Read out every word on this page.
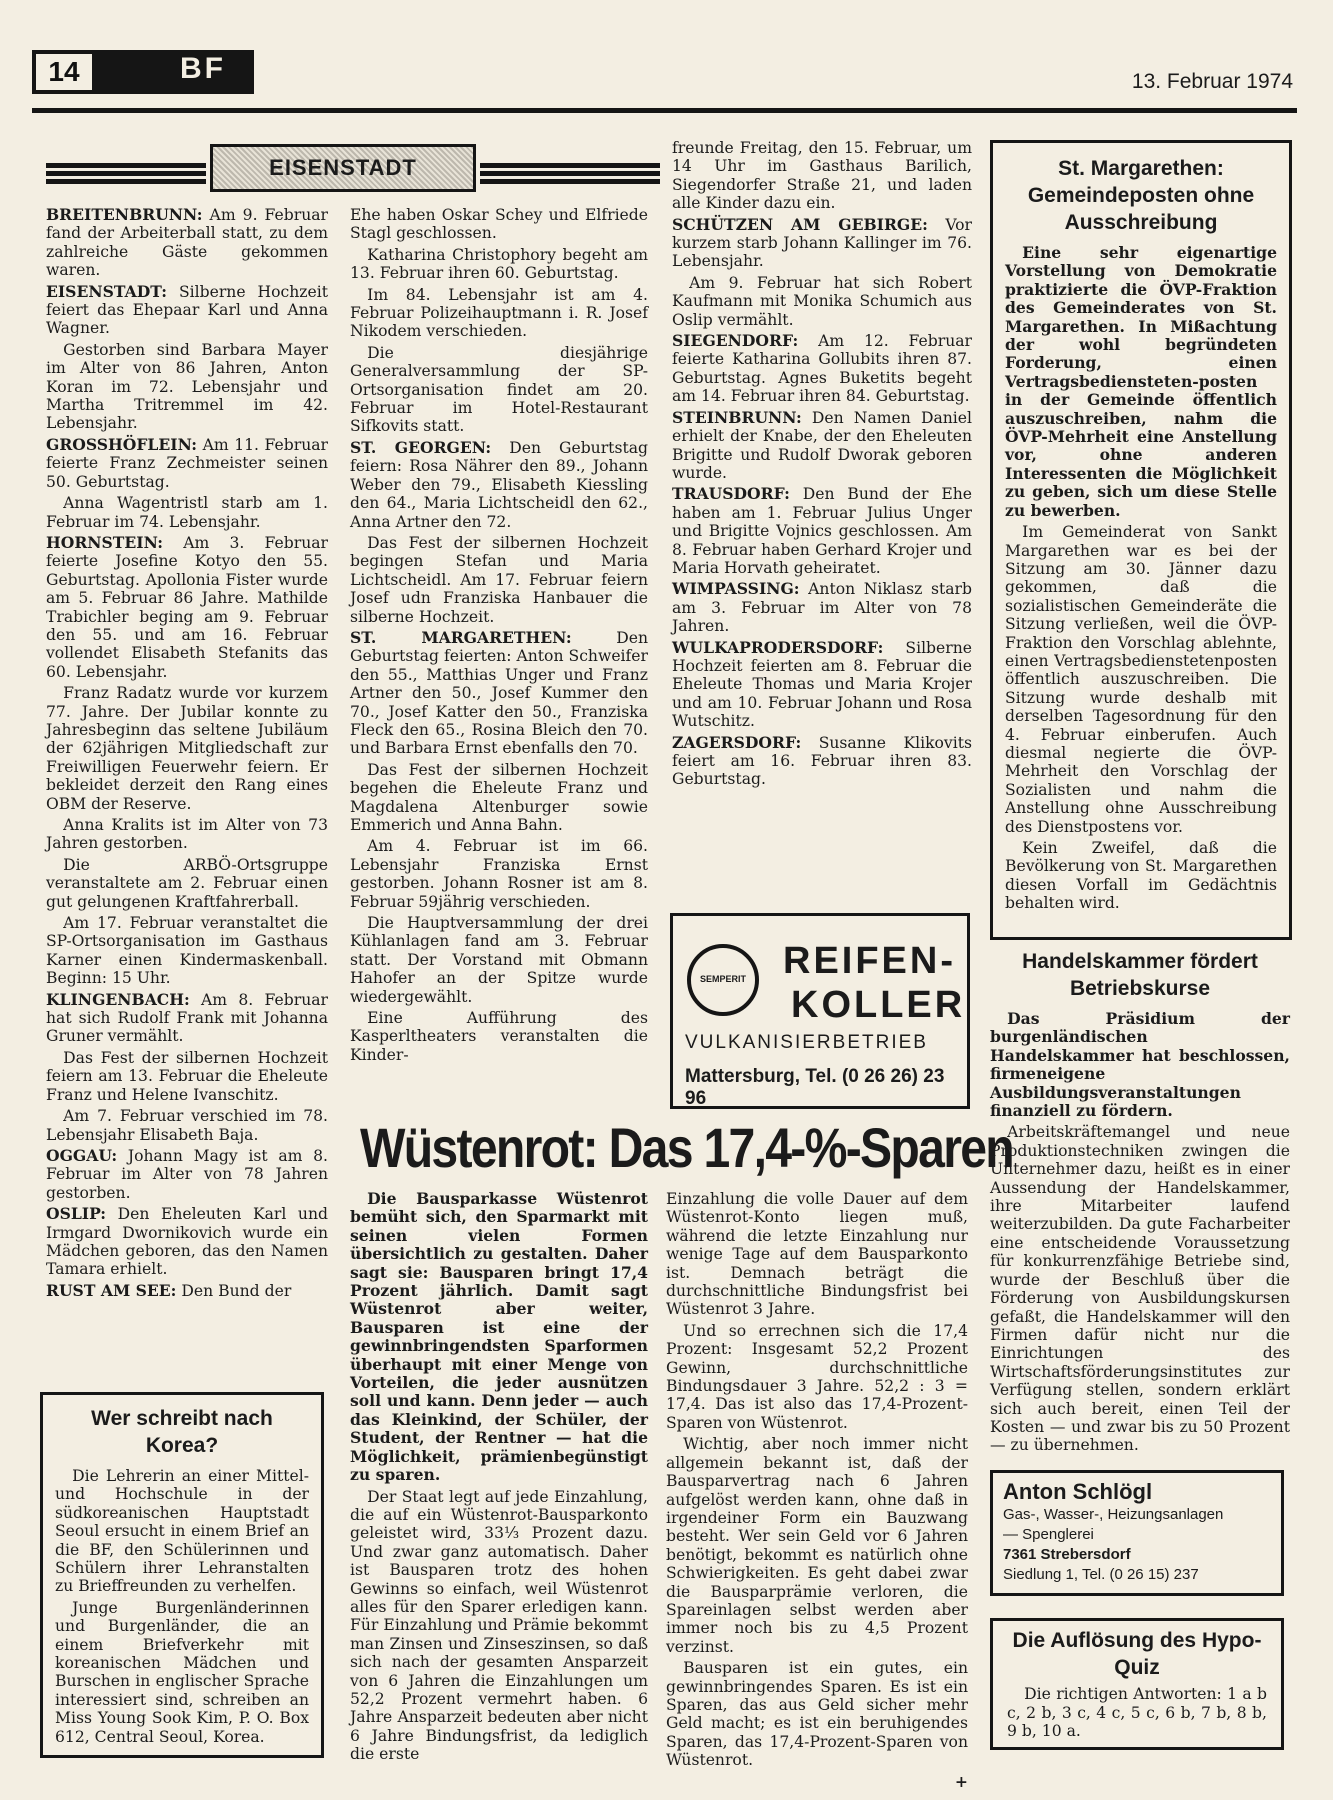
14	BF	13. Februar 1974
EISENSTADT

BREITENBRUNN: Am 9. Februar fand der Arbeiterball statt, zu dem zahlreiche Gäste gekommen waren.

EISENSTADT: Silberne Hochzeit feiert das Ehepaar Karl und Anna Wagner.

Gestorben sind Barbara Mayer im Alter von 86 Jahren, Anton Koran im 72. Lebensjahr und Martha Tritremmel im 42. Lebensjahr.

GROSSHÖFLEIN: Am 11. Februar feierte Franz Zechmeister seinen 50. Geburtstag.

Anna Wagentristl starb am 1. Februar im 74. Lebensjahr.

HORNSTEIN: Am 3. Februar feierte Josefine Kotyo den 55. Geburtstag. Apollonia Fister wurde am 5. Februar 86 Jahre. Mathilde Trabichler beging am 9. Februar den 55. und am 16. Februar vollendet Elisabeth Stefanits das 60. Lebensjahr.

Franz Radatz wurde vor kurzem 77. Jahre. Der Jubilar konnte zu Jahresbeginn das seltene Jubiläum der 62jährigen Mitgliedschaft zur Freiwilligen Feuerwehr feiern. Er bekleidet derzeit den Rang eines OBM der Reserve.

Anna Kralits ist im Alter von 73 Jahren gestorben.

Die ARBÖ-Ortsgruppe veranstaltete am 2. Februar einen gut gelungenen Kraftfahrerball.

Am 17. Februar veranstaltet die SP-Ortsorganisation im Gasthaus Karner einen Kindermaskenball. Beginn: 15 Uhr.

KLINGENBACH: Am 8. Februar hat sich Rudolf Frank mit Johanna Gruner vermählt.

Das Fest der silbernen Hochzeit feiern am 13. Februar die Eheleute Franz und Helene Ivanschitz.

Am 7. Februar verschied im 78. Lebensjahr Elisabeth Baja.

OGGAU: Johann Magy ist am 8. Februar im Alter von 78 Jahren gestorben.

OSLIP: Den Eheleuten Karl und Irmgard Dwornikovich wurde ein Mädchen geboren, das den Namen Tamara erhielt.

RUST AM SEE: Den Bund der

Ehe haben Oskar Schey und Elfriede Stagl geschlossen.

Katharina Christophory begeht am 13. Februar ihren 60. Geburtstag.

Im 84. Lebensjahr ist am 4. Februar Polizeihauptmann i. R. Josef Nikodem verschieden.

Die diesjährige Generalversammlung der SP-Ortsorganisation findet am 20. Februar im Hotel-Restaurant Sifkovits statt.

ST. GEORGEN: Den Geburtstag feiern: Rosa Nährer den 89., Johann Weber den 79., Elisabeth Kiessling den 64., Maria Lichtscheidl den 62., Anna Artner den 72.

Das Fest der silbernen Hochzeit begingen Stefan und Maria Lichtscheidl. Am 17. Februar feiern Josef udn Franziska Hanbauer die silberne Hochzeit.

ST. MARGARETHEN: Den Geburtstag feierten: Anton Schweifer den 55., Matthias Unger und Franz Artner den 50., Josef Kummer den 70., Josef Katter den 50., Franziska Fleck den 65., Rosina Bleich den 70. und Barbara Ernst ebenfalls den 70.

Das Fest der silbernen Hochzeit begehen die Eheleute Franz und Magdalena Altenburger sowie Emmerich und Anna Bahn.

Am 4. Februar ist im 66. Lebensjahr Franziska Ernst gestorben. Johann Rosner ist am 8. Februar 59jährig verschieden.

Die Hauptversammlung der drei Kühlanlagen fand am 3. Februar statt. Der Vorstand mit Obmann Hahofer an der Spitze wurde wiedergewählt.

Eine Aufführung des Kasperltheaters veranstalten die Kinder-

freunde Freitag, den 15. Februar, um 14 Uhr im Gasthaus Barilich, Siegendorfer Straße 21, und laden alle Kinder dazu ein.

SCHÜTZEN AM GEBIRGE: Vor kurzem starb Johann Kallinger im 76. Lebensjahr.

Am 9. Februar hat sich Robert Kaufmann mit Monika Schumich aus Oslip vermählt.

SIEGENDORF: Am 12. Februar feierte Katharina Gollubits ihren 87. Geburtstag. Agnes Buketits begeht am 14. Februar ihren 84. Geburtstag.

STEINBRUNN: Den Namen Daniel erhielt der Knabe, der den Eheleuten Brigitte und Rudolf Dworak geboren wurde.

TRAUSDORF: Den Bund der Ehe haben am 1. Februar Julius Unger und Brigitte Vojnics geschlossen. Am 8. Februar haben Gerhard Krojer und Maria Horvath geheiratet.

WIMPASSING: Anton Niklasz starb am 3. Februar im Alter von 78 Jahren.

WULKAPRODERSDORF: Silberne Hochzeit feierten am 8. Februar die Eheleute Thomas und Maria Krojer und am 10. Februar Johann und Rosa Wutschitz.

ZAGERSDORF: Susanne Klikovits feiert am 16. Februar ihren 83. Geburtstag.

Wer schreibt nach Korea?

Die Lehrerin an einer Mittel- und Hochschule in der südkoreanischen Hauptstadt Seoul ersucht in einem Brief an die BF, den Schülerinnen und Schülern ihrer Lehranstalten zu Brieffreunden zu verhelfen.

Junge Burgenländerinnen und Burgenländer, die an einem Briefverkehr mit koreanischen Mädchen und Burschen in englischer Sprache interessiert sind, schreiben an Miss Young Sook Kim, P. O. Box 612, Central Seoul, Korea.

St. Margarethen: Gemeindeposten ohne Ausschreibung

Eine sehr eigenartige Vorstellung von Demokratie praktizierte die ÖVP-Fraktion des Gemeinderates von St. Margarethen. In Mißachtung der wohl begründeten Forderung, einen Vertragsbediensteten-posten in der Gemeinde öffentlich auszuschreiben, nahm die ÖVP-Mehrheit eine Anstellung vor, ohne anderen Interessenten die Möglichkeit zu geben, sich um diese Stelle zu bewerben.

Im Gemeinderat von Sankt Margarethen war es bei der Sitzung am 30. Jänner dazu gekommen, daß die sozialistischen Gemeinderäte die Sitzung verließen, weil die ÖVP-Fraktion den Vorschlag ablehnte, einen Vertragsbedienstetenposten öffentlich auszuschreiben. Die Sitzung wurde deshalb mit derselben Tagesordnung für den 4. Februar einberufen. Auch diesmal negierte die ÖVP-Mehrheit den Vorschlag der Sozialisten und nahm die Anstellung ohne Ausschreibung des Dienstpostens vor.

Kein Zweifel, daß die Bevölkerung von St. Margarethen diesen Vorfall im Gedächtnis behalten wird.

Handelskammer fördert Betriebskurse

Das Präsidium der burgenländischen Handelskammer hat beschlossen, firmeneigene Ausbildungsveranstaltungen finanziell zu fördern.

Arbeitskräftemangel und neue Produktionstechniken zwingen die Unternehmer dazu, heißt es in einer Aussendung der Handelskammer, ihre Mitarbeiter laufend weiterzubilden. Da gute Facharbeiter eine entscheidende Voraussetzung für konkurrenzfähige Betriebe sind, wurde der Beschluß über die Förderung von Ausbildungskursen gefaßt, die Handelskammer will den Firmen dafür nicht nur die Einrichtungen des Wirtschaftsförderungsinstitutes zur Verfügung stellen, sondern erklärt sich auch bereit, einen Teil der Kosten — und zwar bis zu 50 Prozent — zu übernehmen.

SEMPERIT REIFEN-
KOLLER
VULKANISIERBETRIEB
Mattersburg, Tel. (0 26 26) 23 96
Wüstenrot: Das 17,4-%-Sparen

Die Bausparkasse Wüstenrot bemüht sich, den Sparmarkt mit seinen vielen Formen übersichtlich zu gestalten. Daher sagt sie: Bausparen bringt 17,4 Prozent jährlich. Damit sagt Wüstenrot aber weiter, Bausparen ist eine der gewinnbringendsten Sparformen überhaupt mit einer Menge von Vorteilen, die jeder ausnützen soll und kann. Denn jeder — auch das Kleinkind, der Schüler, der Student, der Rentner — hat die Möglichkeit, prämienbegünstigt zu sparen.

Der Staat legt auf jede Einzahlung, die auf ein Wüstenrot-Bausparkonto geleistet wird, 33⅓ Prozent dazu. Und zwar ganz automatisch. Daher ist Bausparen trotz des hohen Gewinns so einfach, weil Wüstenrot alles für den Sparer erledigen kann. Für Einzahlung und Prämie bekommt man Zinsen und Zinseszinsen, so daß sich nach der gesamten Ansparzeit von 6 Jahren die Einzahlungen um 52,2 Prozent vermehrt haben. 6 Jahre Ansparzeit bedeuten aber nicht 6 Jahre Bindungsfrist, da lediglich die erste

Einzahlung die volle Dauer auf dem Wüstenrot-Konto liegen muß, während die letzte Einzahlung nur wenige Tage auf dem Bausparkonto ist. Demnach beträgt die durchschnittliche Bindungsfrist bei Wüstenrot 3 Jahre.

Und so errechnen sich die 17,4 Prozent: Insgesamt 52,2 Prozent Gewinn, durchschnittliche Bindungsdauer 3 Jahre. 52,2 : 3 = 17,4. Das ist also das 17,4-Prozent-Sparen von Wüstenrot.

Wichtig, aber noch immer nicht allgemein bekannt ist, daß der Bausparvertrag nach 6 Jahren aufgelöst werden kann, ohne daß in irgendeiner Form ein Bauzwang besteht. Wer sein Geld vor 6 Jahren benötigt, bekommt es natürlich ohne Schwierigkeiten. Es geht dabei zwar die Bausparprämie verloren, die Spareinlagen selbst werden aber immer noch bis zu 4,5 Prozent verzinst.

Bausparen ist ein gutes, ein gewinnbringendes Sparen. Es ist ein Sparen, das aus Geld sicher mehr Geld macht; es ist ein beruhigendes Sparen, das 17,4-Prozent-Sparen von Wüstenrot.

+
Anton Schlögl
Gas-, Wasser-, Heizungsanlagen
— Spenglerei
7361 Strebersdorf
Siedlung 1, Tel. (0 26 15) 237
Die Auflösung des Hypo-Quiz
Die richtigen Antworten: 1 a b c, 2 b, 3 c, 4 c, 5 c, 6 b, 7 b, 8 b, 9 b, 10 a.
